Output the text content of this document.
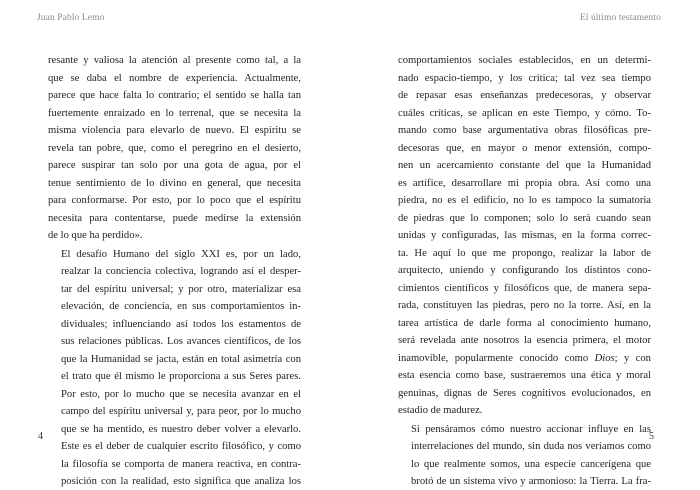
Juan Pablo Lemo

resante y valiosa la atención al presente como tal, a la
que se daba el nombre de experiencia. Actualmente,
parece que hace falta lo contrario; el sentido se halla tan
fuertemente enraizado en lo terrenal, que se necesita la
misma violencia para elevarlo de nuevo. El espíritu se
revela tan pobre, que, como el peregrino en el desierto,
parece suspirar tan solo por una gota de agua, por el
tenue sentimiento de lo divino en general, que necesita
para conformarse. Por esto, por lo poco que el espíritu
necesita para contentarse, puede medirse la extensión
de lo que ha perdido».

El desafío Humano del siglo XXI es, por un lado,
realzar la conciencia colectiva, logrando así el desper-
tar del espíritu universal; y por otro, materializar esa
elevación, de conciencia, en sus comportamientos in-
dividuales; influenciando así todos los estamentos de
sus relaciones públicas. Los avances científicos, de los
que la Humanidad se jacta, están en total asimetría con
el trato que él mismo le proporciona a sus Seres pares.
Por esto, por lo mucho que se necesita avanzar en el
campo del espíritu universal y, para peor, por lo mucho
que se ha mentido, es nuestro deber volver a elevarlo.
Este es el deber de cualquier escrito filosófico, y como
la filosofía se comporta de manera reactiva, en contra-
posición con la realidad, esto significa que analiza los

4
El último testamento

comportamientos sociales establecidos, en un determi-
nado espacio-tiempo, y los critica; tal vez sea tiempo
de repasar esas enseñanzas predecesoras, y observar
cuáles críticas, se aplican en este Tiempo, y cómo. To-
mando como base argumentativa obras filosóficas pre-
decesoras que, en mayor o menor extensión, compo-
nen un acercamiento constante del que la Humanidad
es artífice, desarrollare mi propia obra. Así como una
piedra, no es el edificio, no lo es tampoco la sumatoria
de piedras que lo componen; solo lo será cuando sean
unidas y configuradas, las mismas, en la forma correc-
ta. He aquí lo que me propongo, realizar la labor de
arquitecto, uniendo y configurando los distintos cono-
cimientos científicos y filosóficos que, de manera sepa-
rada, constituyen las piedras, pero no la torre. Así, en la
tarea artística de darle forma al conocimiento humano,
será revelada ante nosotros la esencia primera, el motor
inamovible, popularmente conocido como Dios; y con
esta esencia como base, sustraeremos una ética y moral
genuinas, dignas de Seres cognitivos evolucionados, en
estadio de madurez.

Si pensáramos cómo nuestro accionar influye en las
interrelaciones del mundo, sin duda nos veríamos como
lo que realmente somos, una especie cancerígena que
brotó de un sistema vivo y armonioso: la Tierra. La fra-

5
